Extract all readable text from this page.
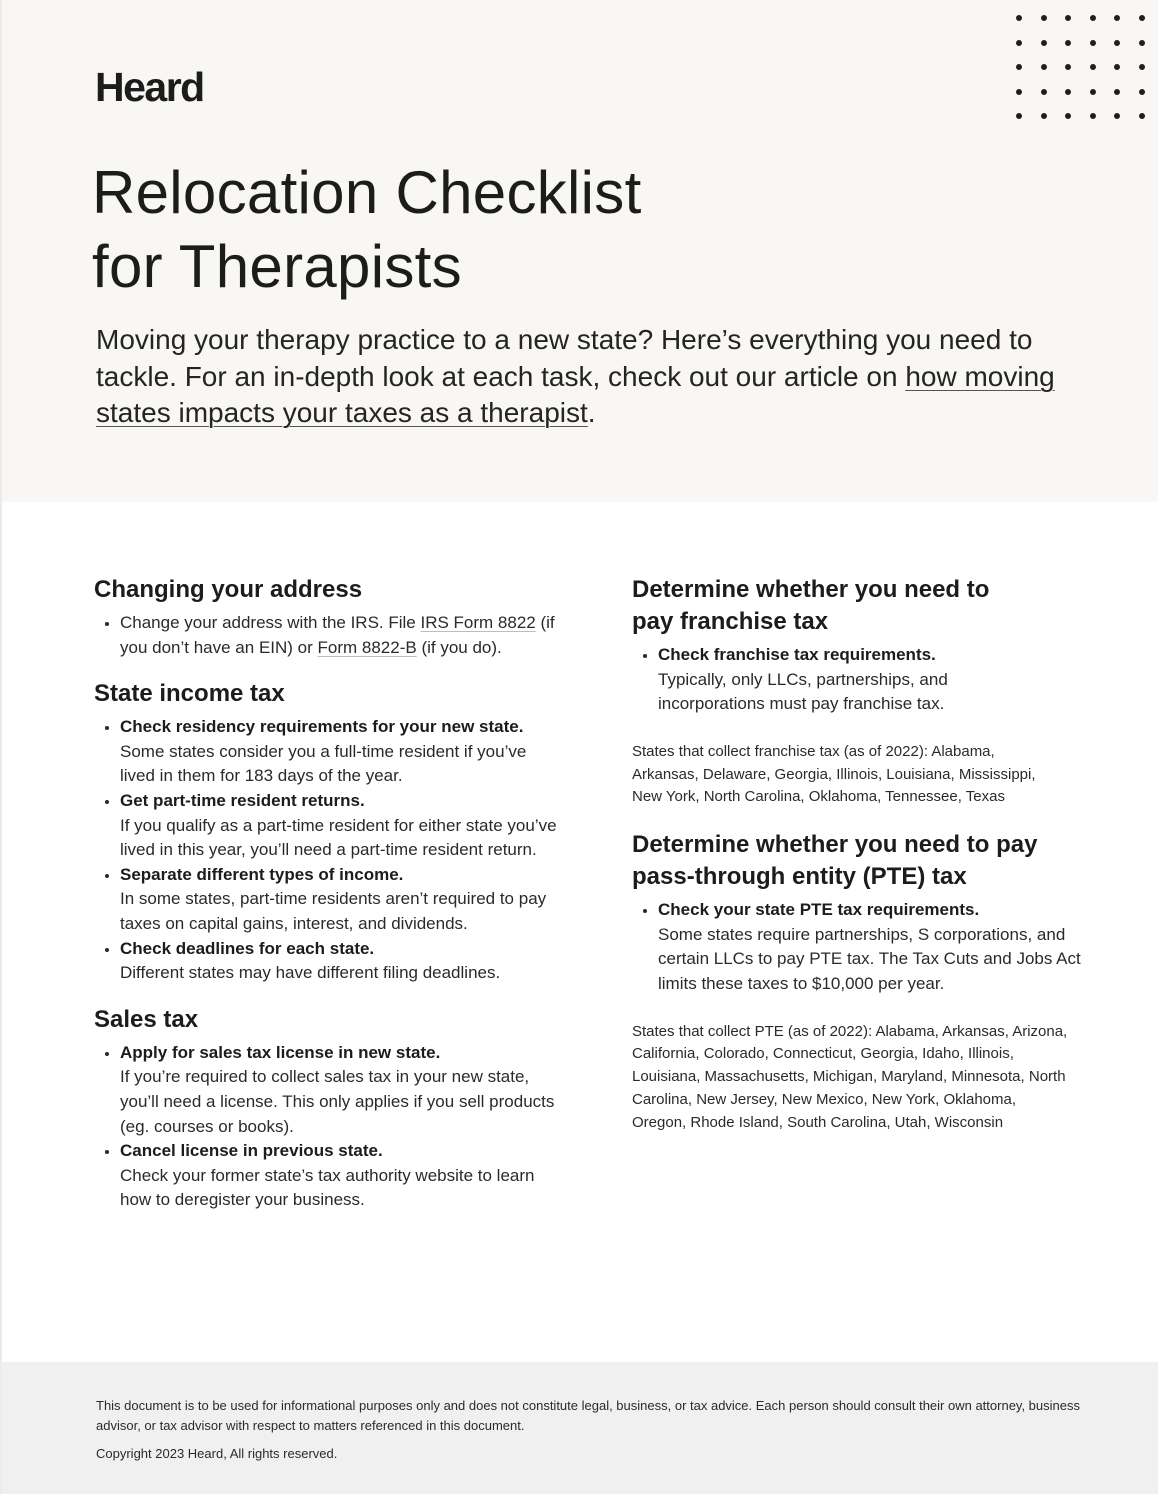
Heard
Relocation Checklist
for Therapists

Moving your therapy practice to a new state? Here’s everything you need to tackle. For an in-depth look at each task, check out our article on how moving states impacts your taxes as a therapist.

Changing your address
Change your address with the IRS. File IRS Form 8822 (if you don’t have an EIN) or Form 8822-B (if you do).
State income tax
Check residency requirements for your new state.
Some states consider you a full-time resident if you’ve lived in them for 183 days of the year.
Get part-time resident returns.
If you qualify as a part-time resident for either state you’ve lived in this year, you’ll need a part-time resident return.
Separate different types of income.
In some states, part-time residents aren’t required to pay taxes on capital gains, interest, and dividends.
Check deadlines for each state.
Different states may have different filing deadlines.
Sales tax
Apply for sales tax license in new state.
If you’re required to collect sales tax in your new state, you’ll need a license. This only applies if you sell products (eg. courses or books).
Cancel license in previous state.
Check your former state’s tax authority website to learn how to deregister your business.
Determine whether you need to pay franchise tax
Check franchise tax requirements.
Typically, only LLCs, partnerships, and incorporations must pay franchise tax.

States that collect franchise tax (as of 2022): Alabama, Arkansas, Delaware, Georgia, Illinois, Louisiana, Mississippi, New York, North Carolina, Oklahoma, Tennessee, Texas

Determine whether you need to pay pass-through entity (PTE) tax
Check your state PTE tax requirements.
Some states require partnerships, S corporations, and certain LLCs to pay PTE tax. The Tax Cuts and Jobs Act limits these taxes to $10,000 per year.

States that collect PTE (as of 2022): Alabama, Arkansas, Arizona, California, Colorado, Connecticut, Georgia, Idaho, Illinois, Louisiana, Massachusetts, Michigan, Maryland, Minnesota, North Carolina, New Jersey, New Mexico, New York, Oklahoma, Oregon, Rhode Island, South Carolina, Utah, Wisconsin

This document is to be used for informational purposes only and does not constitute legal, business, or tax advice. Each person should consult their own attorney, business advisor, or tax advisor with respect to matters referenced in this document.

Copyright 2023 Heard, All rights reserved.
